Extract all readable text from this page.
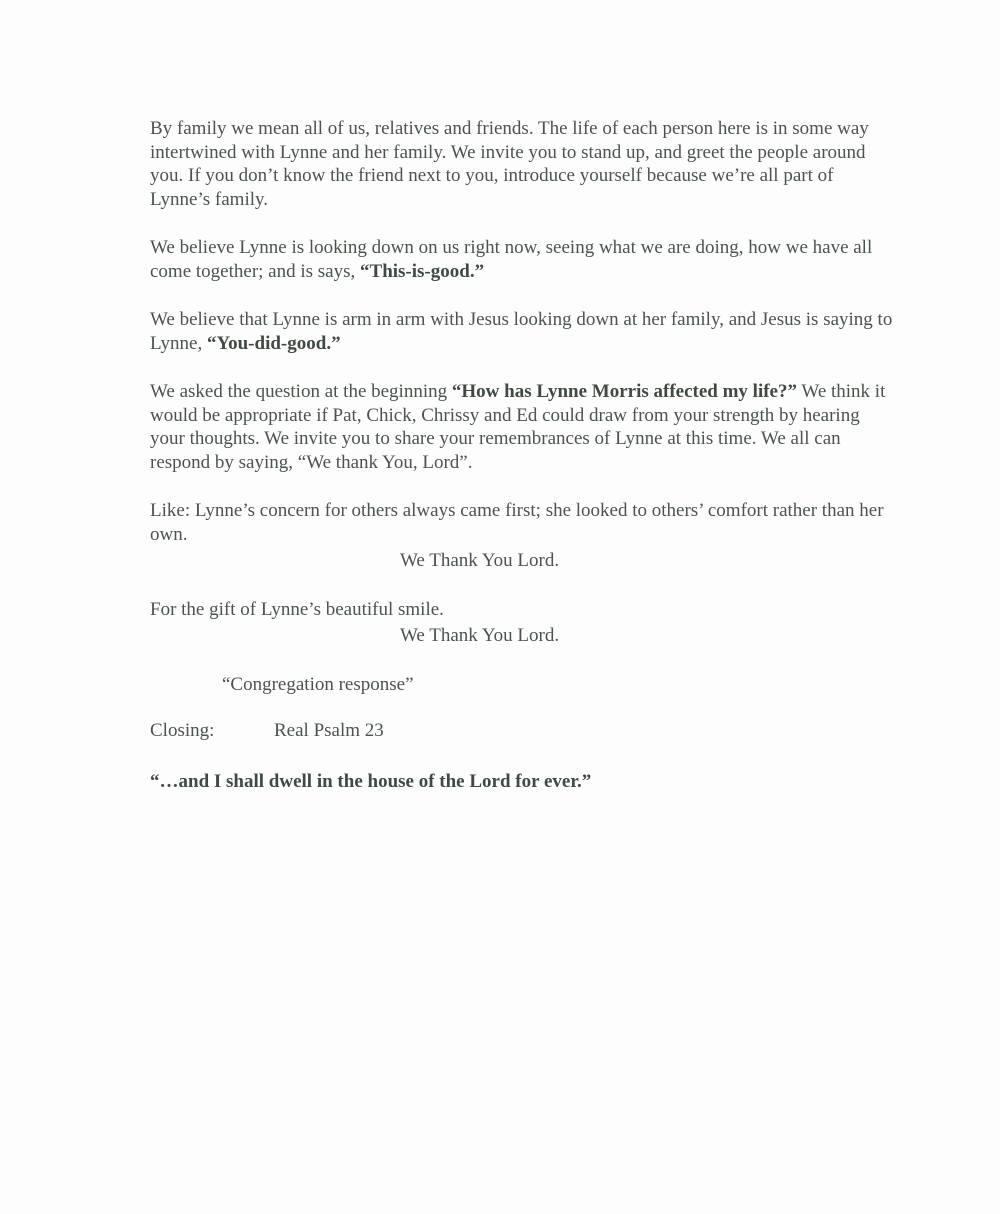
By family we mean all of us, relatives and friends. The life of each person here is in some way intertwined with Lynne and her family. We invite you to stand up, and greet the people around you. If you don’t know the friend next to you, introduce yourself because we’re all part of Lynne’s family.

We believe Lynne is looking down on us right now, seeing what we are doing, how we have all come together; and is says, “This-is-good.”

We believe that Lynne is arm in arm with Jesus looking down at her family, and Jesus is saying to Lynne, “You-did-good.”

We asked the question at the beginning “How has Lynne Morris affected my life?” We think it would be appropriate if Pat, Chick, Chrissy and Ed could draw from your strength by hearing your thoughts. We invite you to share your remembrances of Lynne at this time. We all can respond by saying, “We thank You, Lord”.

Like: Lynne’s concern for others always came first; she looked to others’ comfort rather than her own.
We Thank You Lord.

For the gift of Lynne’s beautiful smile.
We Thank You Lord.

“Congregation response”
Closing:	Real Psalm 23
“…and I shall dwell in the house of the Lord for ever.”
